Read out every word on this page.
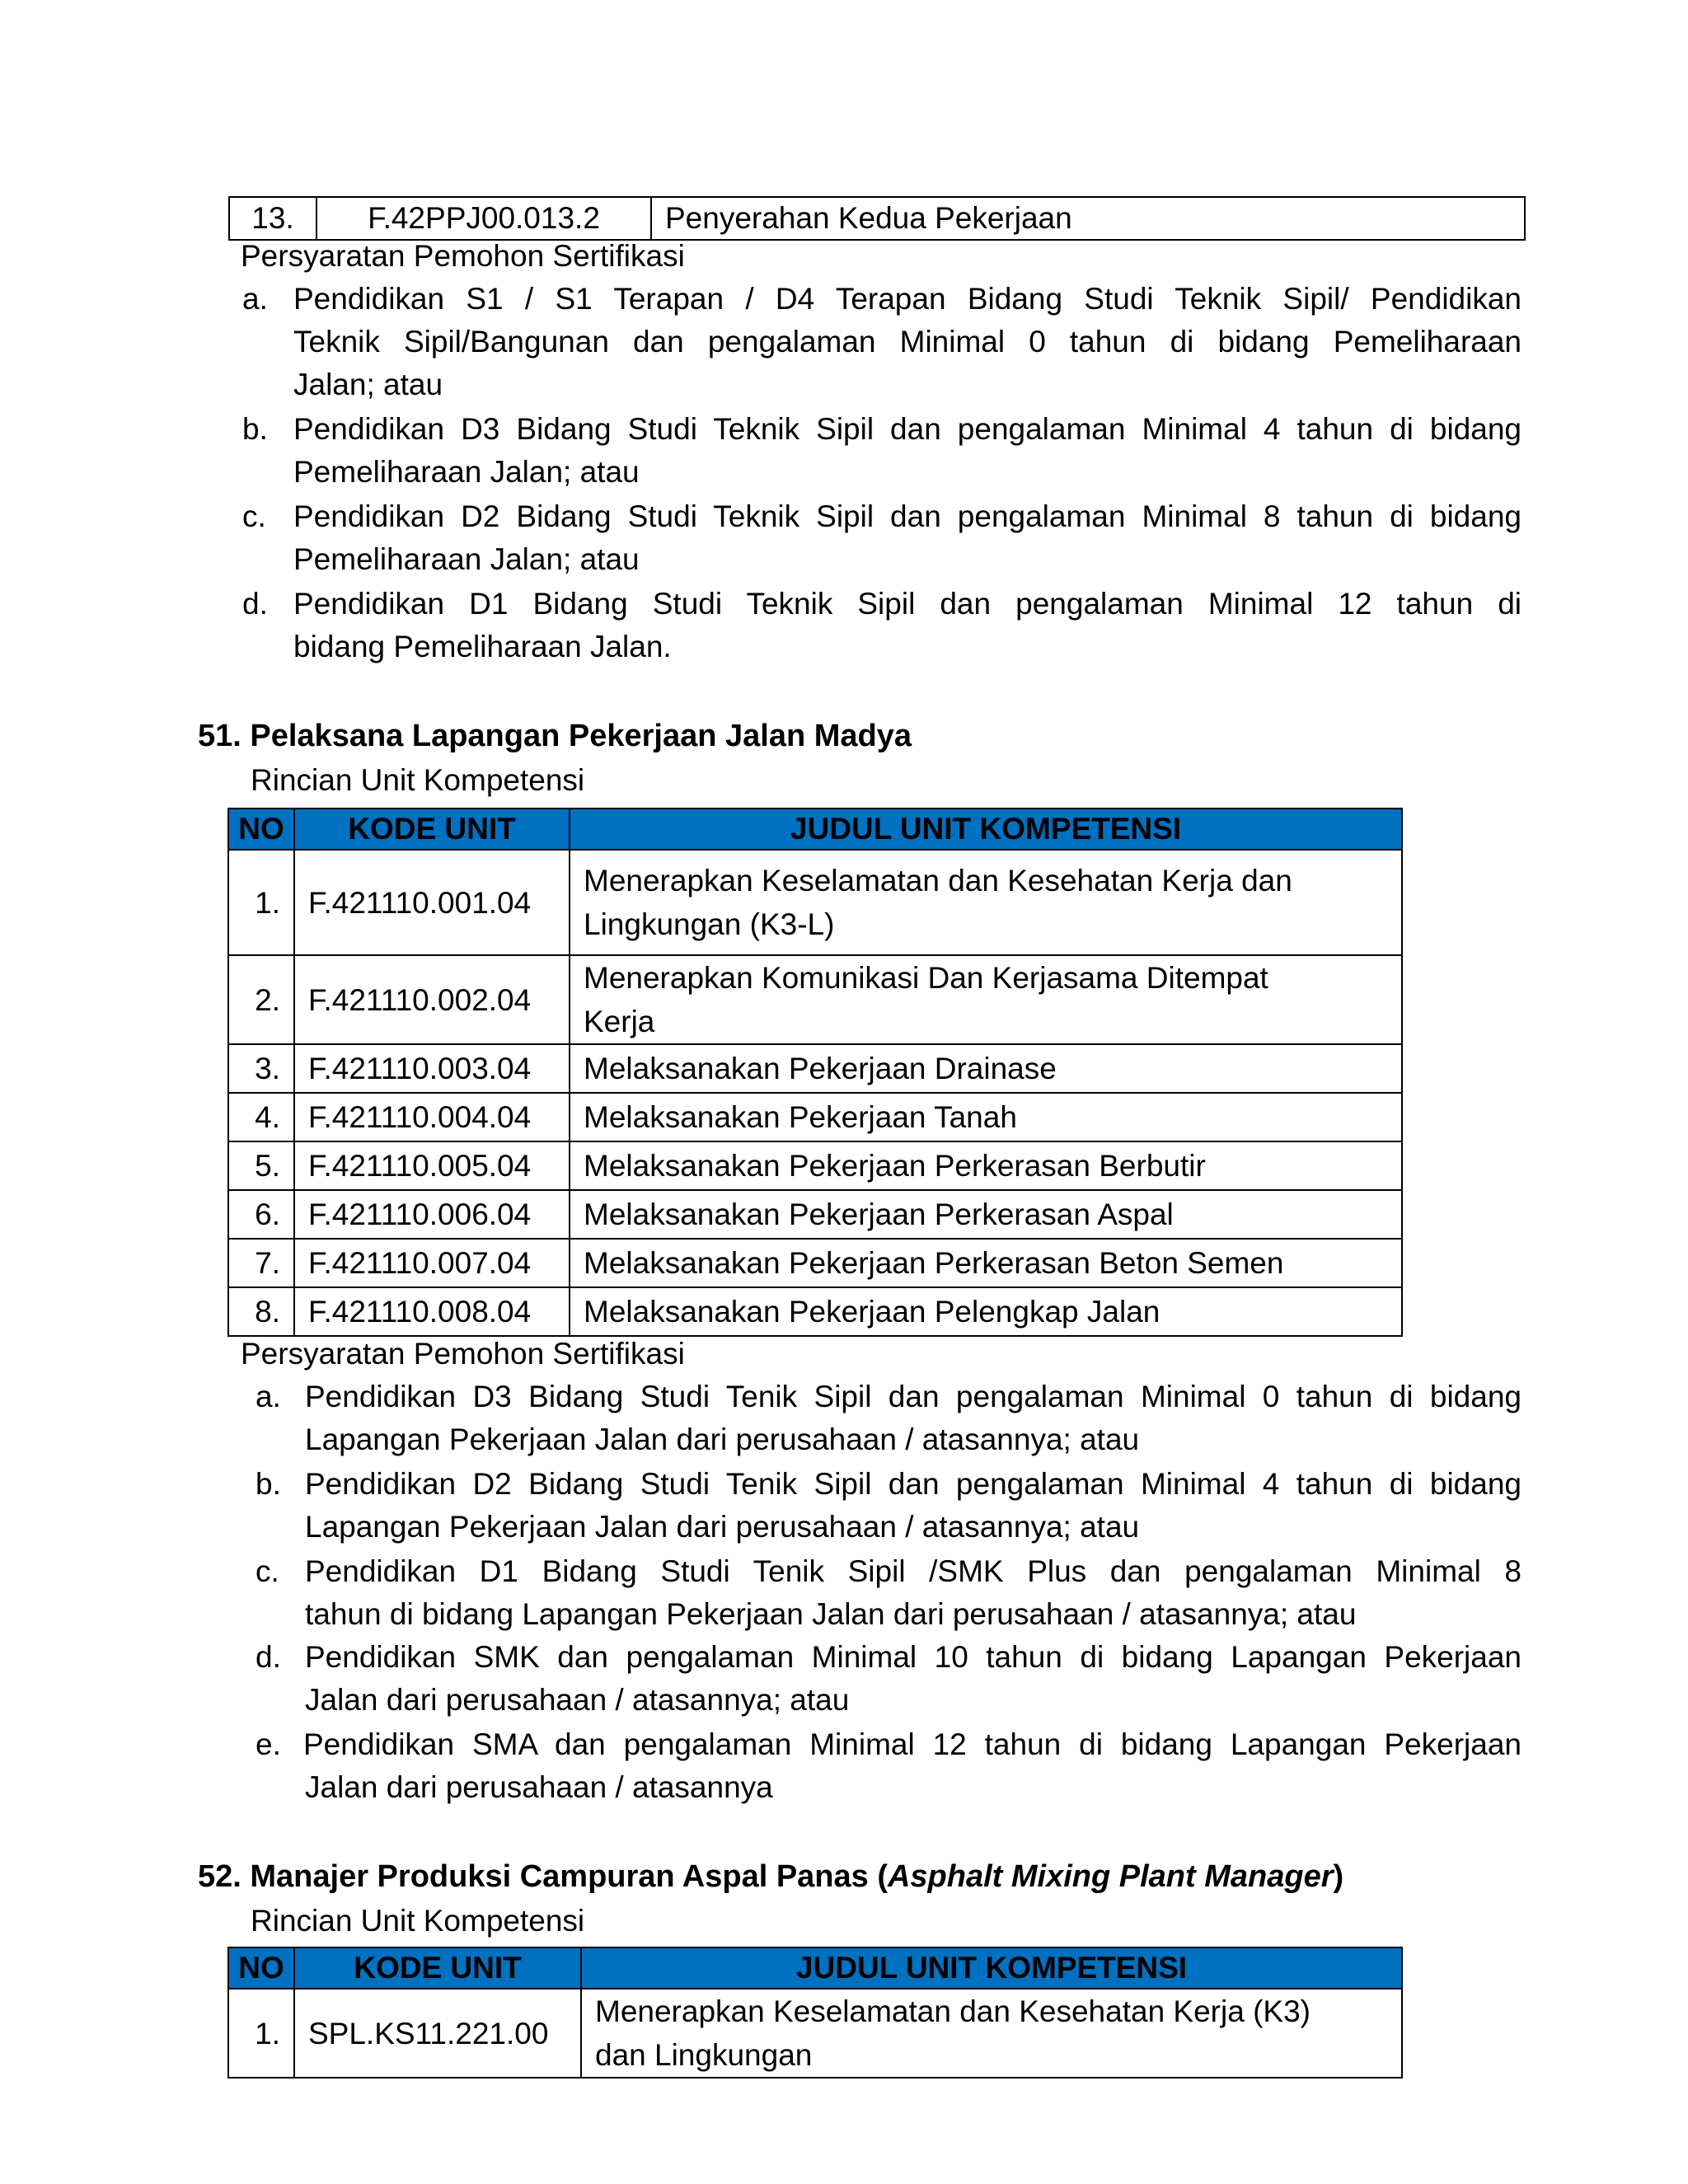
13.	F.42PPJ00.013.2	Penyerahan Kedua Pekerjaan
Persyaratan Pemohon Sertifikasi
a. Pendidikan S1 / S1 Terapan / D4 Terapan Bidang Studi Teknik Sipil/ Pendidikan
Teknik Sipil/Bangunan dan pengalaman Minimal 0 tahun di bidang Pemeliharaan
Jalan; atau
b. Pendidikan D3 Bidang Studi Teknik Sipil dan pengalaman Minimal 4 tahun di bidang
Pemeliharaan Jalan; atau
c. Pendidikan D2 Bidang Studi Teknik Sipil dan pengalaman Minimal 8 tahun di bidang
Pemeliharaan Jalan; atau
d. Pendidikan D1 Bidang Studi Teknik Sipil dan pengalaman Minimal 12 tahun di
bidang Pemeliharaan Jalan.
51. Pelaksana Lapangan Pekerjaan Jalan Madya
Rincian Unit Kompetensi
NO	KODE UNIT	JUDUL UNIT KOMPETENSI
1.	F.421110.001.04	Menerapkan Keselamatan dan Kesehatan Kerja dan
Lingkungan (K3-L)

2.	F.421110.002.04	Menerapkan Komunikasi Dan Kerjasama Ditempat
Kerja

3.	F.421110.003.04	Melaksanakan Pekerjaan Drainase
4.	F.421110.004.04	Melaksanakan Pekerjaan Tanah
5.	F.421110.005.04	Melaksanakan Pekerjaan Perkerasan Berbutir
6.	F.421110.006.04	Melaksanakan Pekerjaan Perkerasan Aspal
7.	F.421110.007.04	Melaksanakan Pekerjaan Perkerasan Beton Semen
8.	F.421110.008.04	Melaksanakan Pekerjaan Pelengkap Jalan
Persyaratan Pemohon Sertifikasi
a. Pendidikan D3 Bidang Studi Tenik Sipil dan pengalaman Minimal 0 tahun di bidang
Lapangan Pekerjaan Jalan dari perusahaan / atasannya; atau
b. Pendidikan D2 Bidang Studi Tenik Sipil dan pengalaman Minimal 4 tahun di bidang
Lapangan Pekerjaan Jalan dari perusahaan / atasannya; atau
c. Pendidikan D1 Bidang Studi Tenik Sipil /SMK Plus dan pengalaman Minimal 8
tahun di bidang Lapangan Pekerjaan Jalan dari perusahaan / atasannya; atau
d. Pendidikan SMK dan pengalaman Minimal 10 tahun di bidang Lapangan Pekerjaan
Jalan dari perusahaan / atasannya; atau
e. Pendidikan SMA dan pengalaman Minimal 12 tahun di bidang Lapangan Pekerjaan
Jalan dari perusahaan / atasannya
52. Manajer Produksi Campuran Aspal Panas (Asphalt Mixing Plant Manager)
Rincian Unit Kompetensi
NO	KODE UNIT	JUDUL UNIT KOMPETENSI
1.	SPL.KS11.221.00	Menerapkan Keselamatan dan Kesehatan Kerja (K3)
dan Lingkungan
